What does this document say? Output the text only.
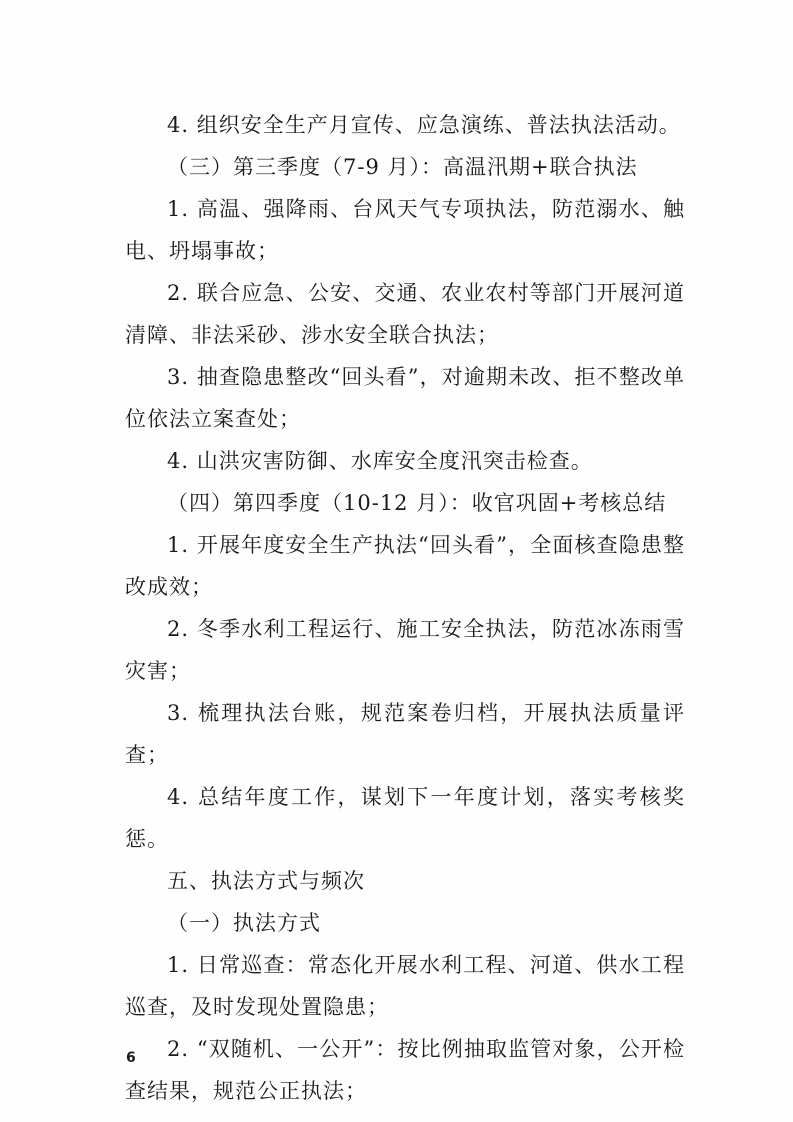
4. 组织安全生产月宣传、应急演练、普法执法活动。

（三）第三季度（7-9 月）：高温汛期+联合执法

1. 高温、强降雨、台风天气专项执法，防范溺水、触电、坍塌事故；

2. 联合应急、公安、交通、农业农村等部门开展河道清障、非法采砂、涉水安全联合执法；

3. 抽查隐患整改“回头看”，对逾期未改、拒不整改单位依法立案查处；

4. 山洪灾害防御、水库安全度汛突击检查。

（四）第四季度（10-12 月）：收官巩固+考核总结

1. 开展年度安全生产执法“回头看”，全面核查隐患整改成效；

2. 冬季水利工程运行、施工安全执法，防范冰冻雨雪灾害；

3. 梳理执法台账，规范案卷归档，开展执法质量评查；

4. 总结年度工作，谋划下一年度计划，落实考核奖惩。

五、执法方式与频次

（一）执法方式

1. 日常巡查：常态化开展水利工程、河道、供水工程巡查，及时发现处置隐患；

2. “双随机、一公开”：按比例抽取监管对象，公开检查结果，规范公正执法；

6
